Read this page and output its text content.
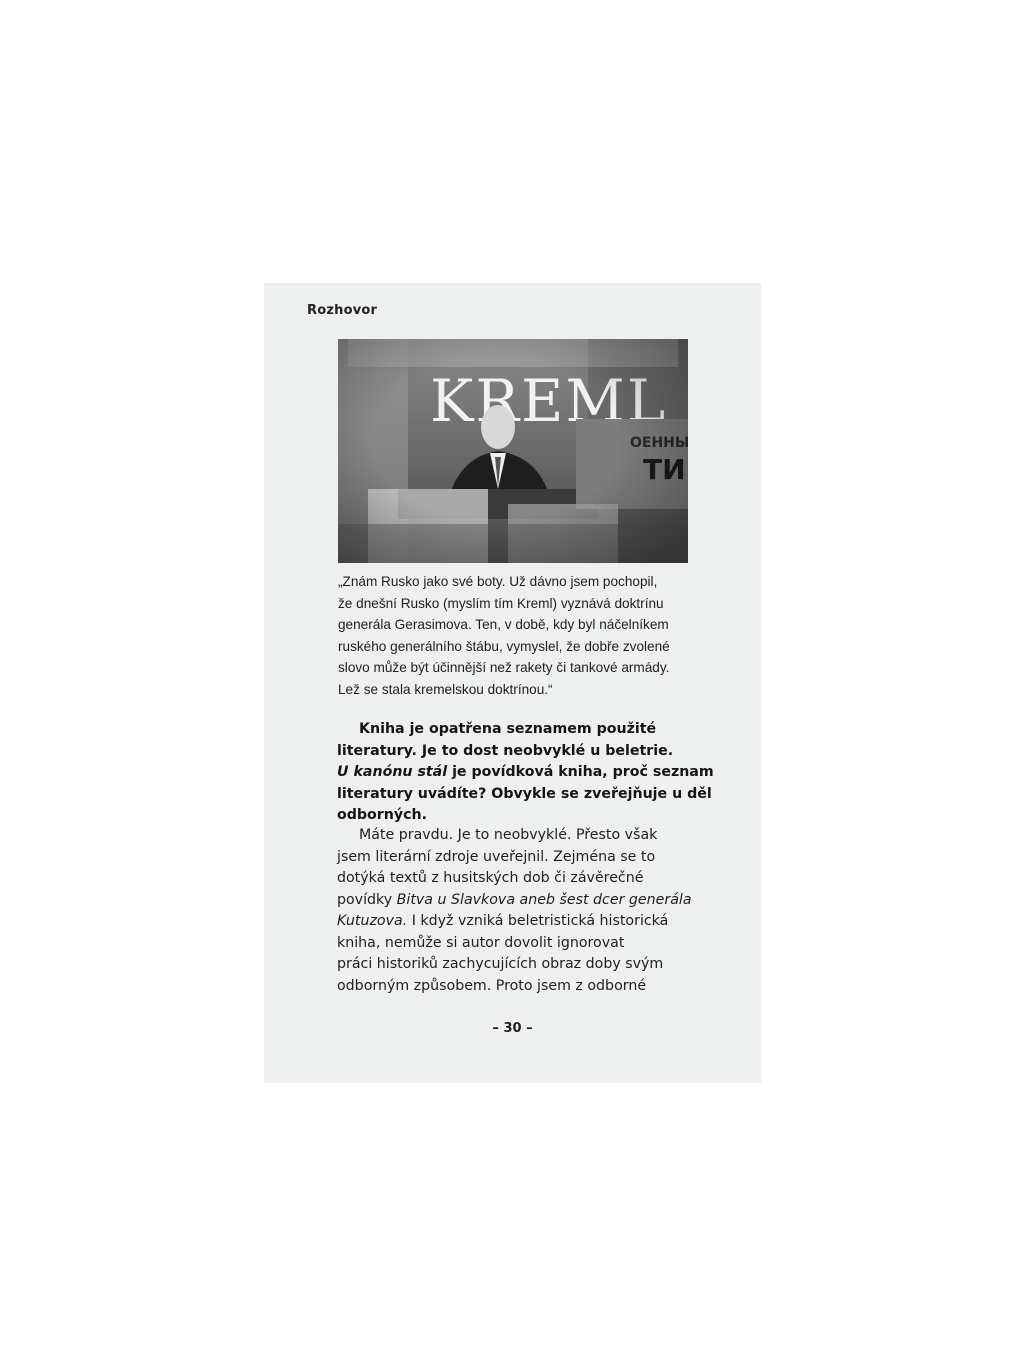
Rozhovor

„Znám Rusko jako své boty. Už dávno jsem pochopil,
že dnešní Rusko (myslím tím Kreml) vyznává doktrínu
generála Gerasimova. Ten, v době, kdy byl náčelníkem
ruského generálního štábu, vymyslel, že dobře zvolené
slovo může být účinnější než rakety či tankové armády.
Lež se stala kremelskou doktrínou.“

Kniha je opatřena seznamem použité
literatury. Je to dost neobvyklé u beletrie.
U kanónu stál je povídková kniha, proč seznam
literatury uvádíte? Obvykle se zveřejňuje u děl
odborných.
Máte pravdu. Je to neobvyklé. Přesto však
jsem literární zdroje uveřejnil. Zejména se to
dotýká textů z husitských dob či závěrečné
povídky Bitva u Slavkova aneb šest dcer generála
Kutuzova. I když vzniká beletristická historická
kniha, nemůže si autor dovolit ignorovat
práci historiků zachycujících obraz doby svým
odborným způsobem. Proto jsem z odborné
– 30 –
